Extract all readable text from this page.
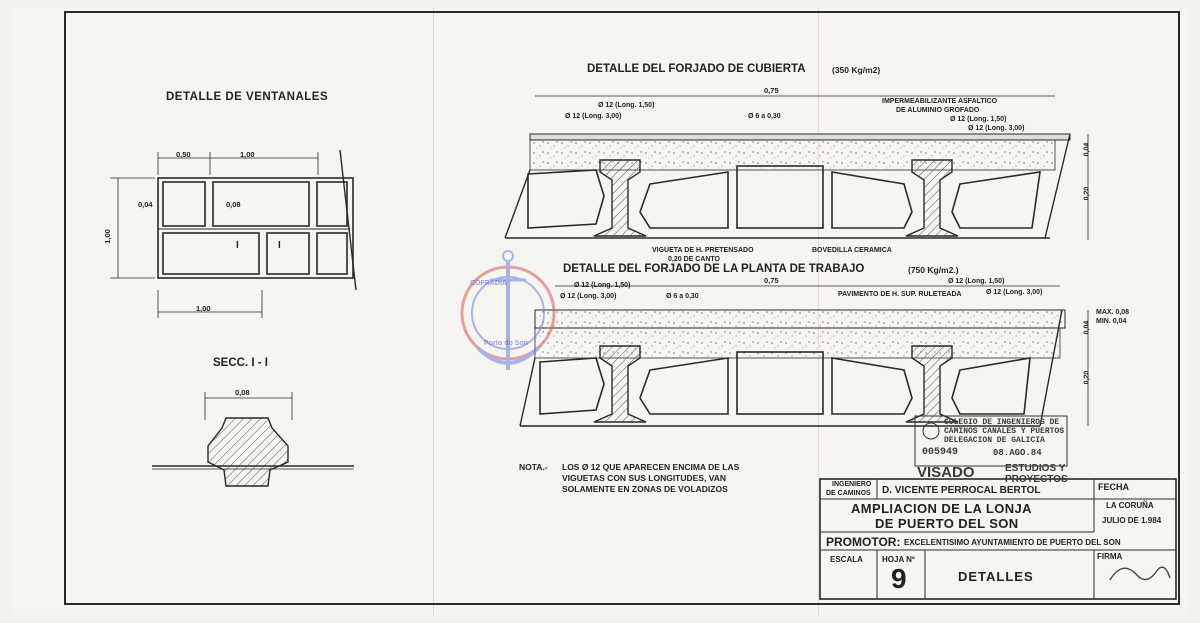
DETALLE DE VENTANALES
0,50	1,00
0,04	0,08
1,00
1,00
I	I
SECC. I - I
0,08
DETALLE DEL FORJADO DE CUBIERTA	(350 Kg/m2)
0,75
Ø 12 (Long. 1,50)
Ø 12 (Long. 3,00)	Ø 6 a 0,30
IMPERMEABILIZANTE ASFALTICO
DE ALUMINIO GROFADO
Ø 12 (Long. 1,50)
Ø 12 (Long. 3,00)
VIGUETA DE H. PRETENSADO
0,20 DE CANTO
BOVEDILLA CERAMICA
0,04
0,20
DETALLE DEL FORJADO DE LA PLANTA DE TRABAJO	(750 Kg/m2.)
0,75
Ø 12 (Long. 1,50)
Ø 12 (Long. 3,00)	Ø 6 a 0,30	PAVIMENTO DE H. SUP. RULETEADA
Ø 12 (Long. 1,50)
Ø 12 (Long. 3,00)
MAX. 0,08
MIN. 0,04
0,04
0,20
COFRADIA
Porto do Son
NOTA.- LOS Ø 12 QUE APARECEN ENCIMA DE LAS
VIGUETAS CON SUS LONGITUDES, VAN
SOLAMENTE EN ZONAS DE VOLADIZOS
COLEGIO DE INGENIEROS DE
CAMINOS CANALES Y PUERTOS
DELEGACION DE GALICIA
005949	08.AGO.84
VISADO	ESTUDIOS Y
PROYECTOS
INGENIERO
DE CAMINOS D. VICENTE PERROCAL BERTOL	FECHA
AMPLIACION DE LA LONJA
DE PUERTO DEL SON
LA CORUÑA
JULIO DE 1.984
PROMOTOR: EXCELENTISIMO AYUNTAMIENTO DE PUERTO DEL SON
ESCALA HOJA Nº
9	DETALLES
FIRMA
